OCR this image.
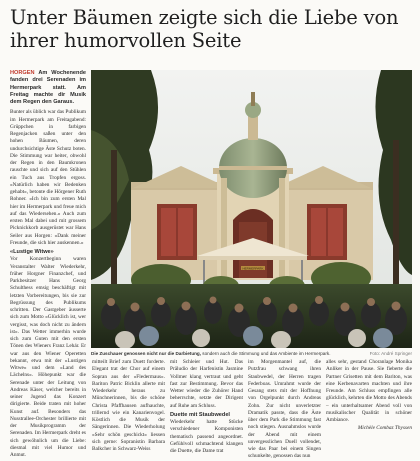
Unter Bäumen zeigte sich die Liebe von ihrer humorvollen Seite

HORGEN Am Wochenende fanden drei Serenaden im Hermerpark statt. Am Freitag machte dir Musik dem Regen den Garaus.

Bunter als üblich war das Publikum im Hermerpark am Freitagabend: Grüppchen in farbigen Regenjacken saßen unter den hohen Bäumen, deren undurchsichtige Äste Schutz boten. Die Stimmung war heiter, obwohl der Regen in den Baumkronen rauschte und sich auf den Stühlen ein Tuch aus Tropfen ergoss. «Natürlich haben wir Bedenken gehabt», betonte die Hörgener Ruth Rohner. «Ich bin zum ersten Mal hier im Hermerpark und freue mich auf das Wiedersehen.» Auch zum ersten Mal dabei und mit grossem Picknickkorb ausgerüstet war Hans Seiler aus Horgen: «Dank meiner Freunde, die sich hier auskennen.»

«Lustige Witwe»

Vor Konzertbeginn waren Veranstalter Walter Wiederkehr, früher Horgner Finanzchef, und Parkbesitzer Hans Georg Schulthess emsig beschäftigt mit letzten Vorbereitungen, bis sie zur Begrüssung des Publikums schritten. Der Gastgeber äusserte sich zum Motto «Glücklich ist, wer vergisst, was doch nicht zu ändern ist». Das Wetter immerhin wurde sich zum Guten mit den ersten Tönen des Wieners Franz Lehár. Er war aus den Wiener Operetten bekannt, etwa mit der «Lustigen Witwe» und dem «Land des Lächelns». Höhepunkt war die Serenade unter der Leitung von Andreas Käser, welcher bereits in seiner Jugend das Konzert dirigierte. Beide traten mit hoher Kunst auf. Besonders das Nusstrallee-Orchester brillierte mit der Musikprogramm der Serenaden. Im Hermerpark dreht es sich gewöhnlich um die Liebe: diesmal mit viel Humor und Anmut.

HERMERPARK
Die Zuschauer genossen nicht nur die Darbietung, sondern auch die Stimmung und das Ambiente im Hermerpark.	Foto: André Springer

mitteilt Brief zum Duett forderte. Elegant trat der Chor auf einem Sopran aus der «Fledermaus». Bariton Patric Bicklin allerte mit Wiederkehr heraus zu Münchnerinnen, bis die schöne Christa Pfaffhausen aufhauchte, trillernd wie ein Kanarienvogel. Köstlich die Musik der Sängerinnen. Die Wiederholung «Sehr schön geschickt» liessen sich gerne: Sopranistin Barbara Balkcher in Schwarz-Weiss

mit Schleier und Hut. Das Präludio der Harfenistin Jasmine Vollmer klang vertraut und geht fast zur Bestimmung. Bevor das Wetter wieder die Zuhörer Hand beherrschte, setzte der Dirigent auf Ruhe am Schluss.

Duette mit Staubwedel

Wiederkehr hatte Stücke verschiedener Komponisten thematisch passend angeordnet. Gefühlvoll schmachtend klangen die Duette, die Dame trat

im Morgenmantel auf, die Putzfrau schwang ihren Staubwedel, der Herren tragen Federboas. Umrahmt wurde der Gesang stets mit der Hoffnung von Orgelpunkt durch Andreas Zohn. Zur nicht unverletzter Dramatik passte, dass die Äste über dem Park die Stimmung fast noch stiegen. Ausnahmslos wurde der Abend mit einem unvergesslichen Duell vollendet, wie das Paar bei einem Singen schunkelte, genossen das nun

alles sehr, gestand Choranlage Monika Anliker in der Pause. Sie fieberte die Partner Grisetten mit dem Bariton, was eine Kerbenavarten machten und ihre Freunde. Am Schluss empfingen alle glücklich, kehrten die Motto des Abends – ein unterhaltsamer Abend voll von musikalischer Qualität in schöner Ambiance.

Michèle Combaz Thyssen
